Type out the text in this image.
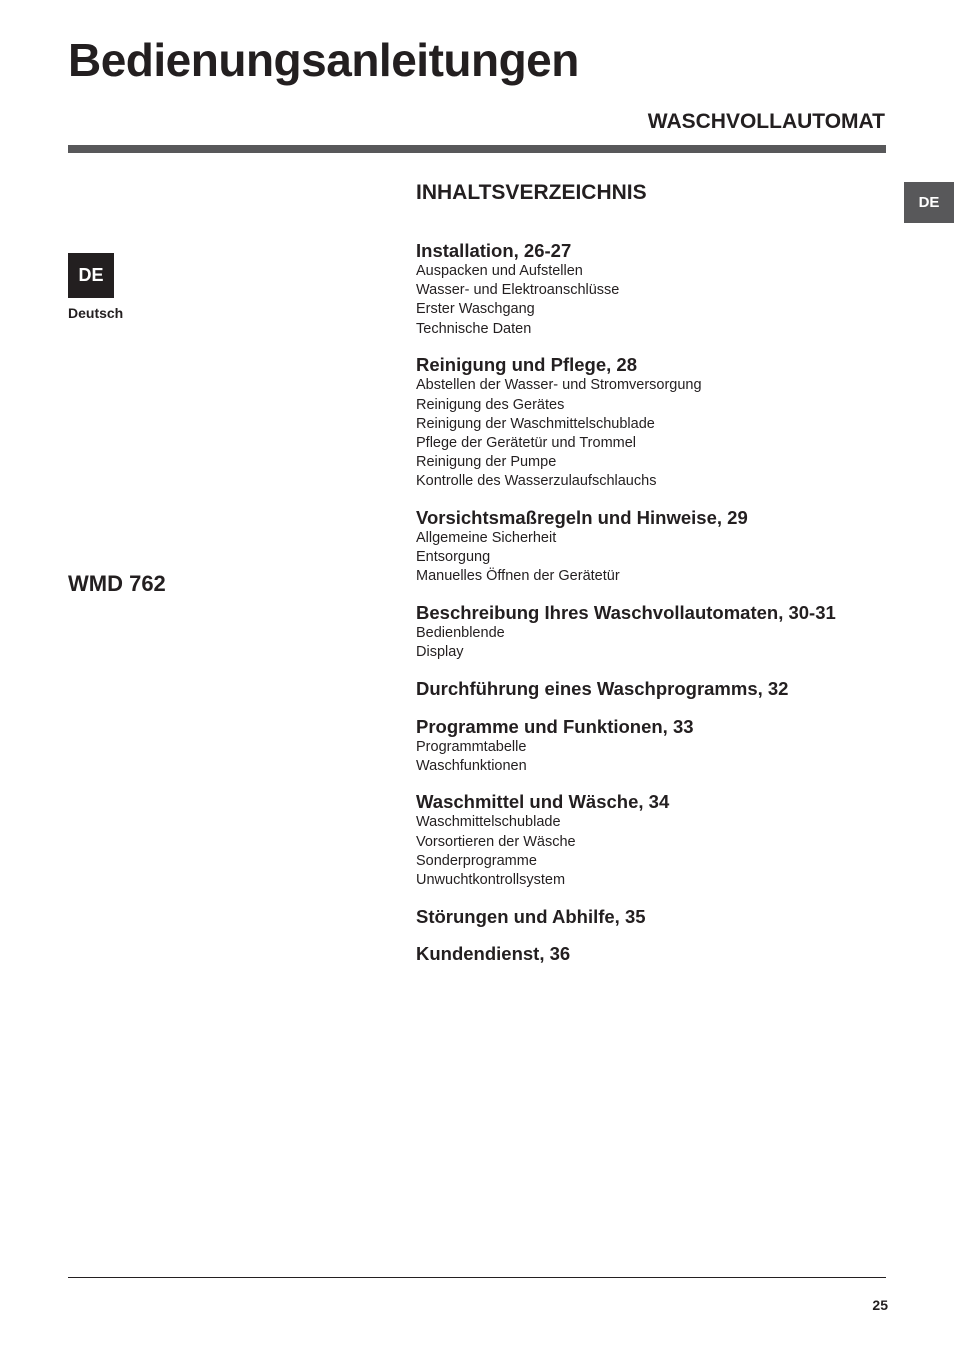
Bedienungsanleitungen
WASCHVOLLAUTOMAT
DE
DE
Deutsch
WMD 762
INHALTSVERZEICHNIS
Installation, 26-27
Auspacken und Aufstellen
Wasser- und Elektroanschlüsse
Erster Waschgang
Technische Daten
Reinigung und Pflege, 28
Abstellen der Wasser- und Stromversorgung
Reinigung des Gerätes
Reinigung der Waschmittelschublade
Pflege der Gerätetür und Trommel
Reinigung der Pumpe
Kontrolle des Wasserzulaufschlauchs
Vorsichtsmaßregeln und Hinweise, 29
Allgemeine Sicherheit
Entsorgung
Manuelles Öffnen der Gerätetür
Beschreibung Ihres Waschvollautomaten, 30-31
Bedienblende
Display
Durchführung eines Waschprogramms, 32
Programme und Funktionen, 33
Programmtabelle
Waschfunktionen
Waschmittel und Wäsche, 34
Waschmittelschublade
Vorsortieren der Wäsche
Sonderprogramme
Unwuchtkontrollsystem
Störungen und Abhilfe, 35
Kundendienst, 36
25
